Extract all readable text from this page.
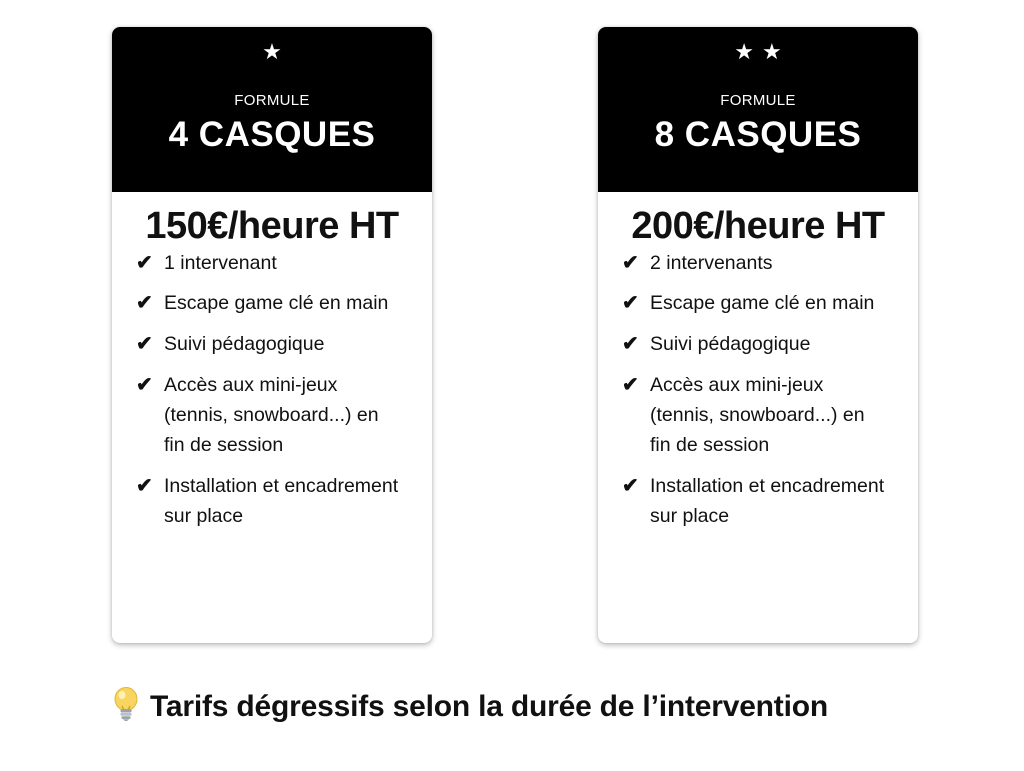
★
FORMULE
4 CASQUES
150€/heure HT
✔ 1 intervenant
✔ Escape game clé en main
✔ Suivi pédagogique
✔ Accès aux mini-jeux (tennis, snowboard...) en fin de session
✔ Installation et encadrement sur place
★★
FORMULE
8 CASQUES
200€/heure HT
✔ 2 intervenants
✔ Escape game clé en main
✔ Suivi pédagogique
✔ Accès aux mini-jeux (tennis, snowboard...) en fin de session
✔ Installation et encadrement sur place
Tarifs dégressifs selon la durée de l’intervention
